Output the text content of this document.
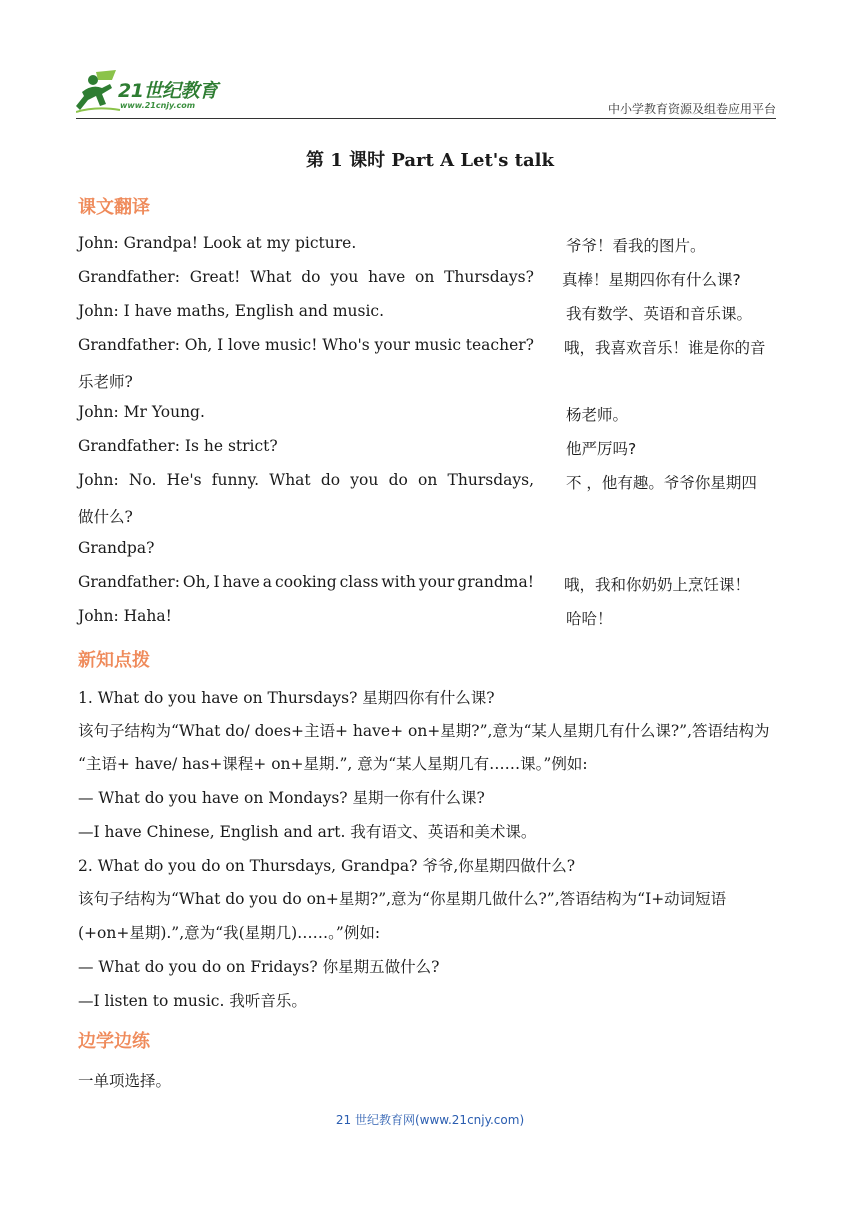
21世纪教育
www.21cnjy.com	中小学教育资源及组卷应用平台
第 1 课时 Part A Let's talk
课文翻译
John: Grandpa! Look at my picture.	爷爷！看我的图片。
Grandfather: Great! What do you have on Thursdays? 真棒！星期四你有什么课?
John: I have maths, English and music.	我有数学、英语和音乐课。
Grandfather: Oh, I love music! Who's your music teacher? 哦，我喜欢音乐！谁是你的音
乐老师?
John: Mr Young.	杨老师。
Grandfather: Is he strict?	他严厉吗?
John: No. He's funny. What do you do on Thursdays, 不 ，他有趣。爷爷你星期四
做什么?
Grandpa?
Grandfather: Oh, I have a cooking class with your grandma! 哦，我和你奶奶上烹饪课！
John: Haha!	哈哈！
新知点拨
1. What do you have on Thursdays? 星期四你有什么课?
该句子结构为“What do/ does+主语+ have+ on+星期?”,意为“某人星期几有什么课?”,答语结构为
“主语+ have/ has+课程+ on+星期.”, 意为“某人星期几有……课。”例如:
— What do you have on Mondays? 星期一你有什么课?
—I have Chinese, English and art. 我有语文、英语和美术课。
2. What do you do on Thursdays, Grandpa? 爷爷,你星期四做什么?
该句子结构为“What do you do on+星期?”,意为“你星期几做什么?”,答语结构为“I+动词短语
(+on+星期).”,意为“我(星期几)……。”例如:
— What do you do on Fridays? 你星期五做什么?
—I listen to music. 我听音乐。
边学边练
一单项选择。
21 世纪教育网(www.21cnjy.com)
